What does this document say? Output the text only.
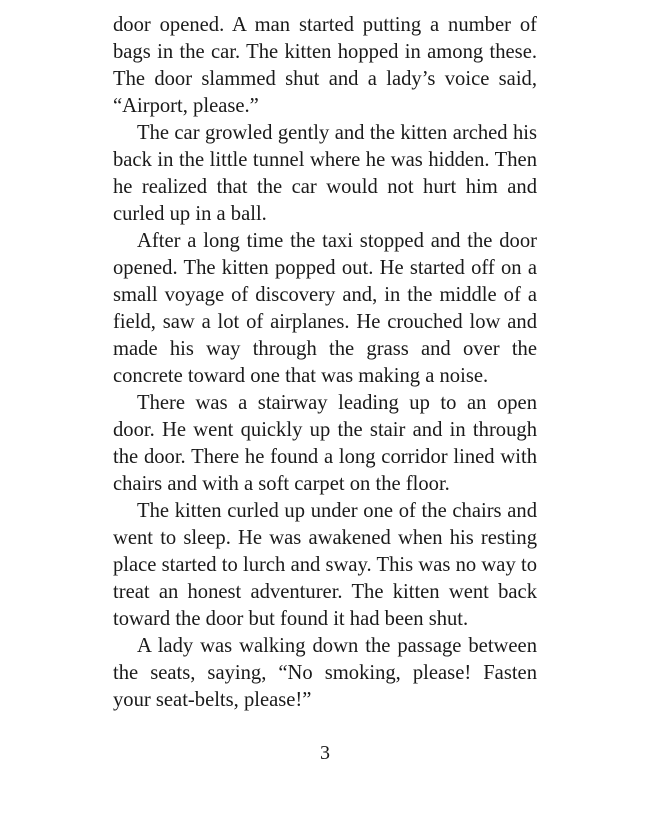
door opened. A man started putting a number of bags in the car. The kitten hopped in among these. The door slammed shut and a lady’s voice said, “Airport, please.”

The car growled gently and the kitten arched his back in the little tunnel where he was hidden. Then he realized that the car would not hurt him and curled up in a ball.

After a long time the taxi stopped and the door opened. The kitten popped out. He started off on a small voyage of discovery and, in the middle of a field, saw a lot of airplanes. He crouched low and made his way through the grass and over the concrete toward one that was making a noise.

There was a stairway leading up to an open door. He went quickly up the stair and in through the door. There he found a long corridor lined with chairs and with a soft carpet on the floor.

The kitten curled up under one of the chairs and went to sleep. He was awakened when his resting place started to lurch and sway. This was no way to treat an honest adventurer. The kitten went back toward the door but found it had been shut.

A lady was walking down the passage between the seats, saying, “No smoking, please! Fasten your seat-belts, please!”

3
